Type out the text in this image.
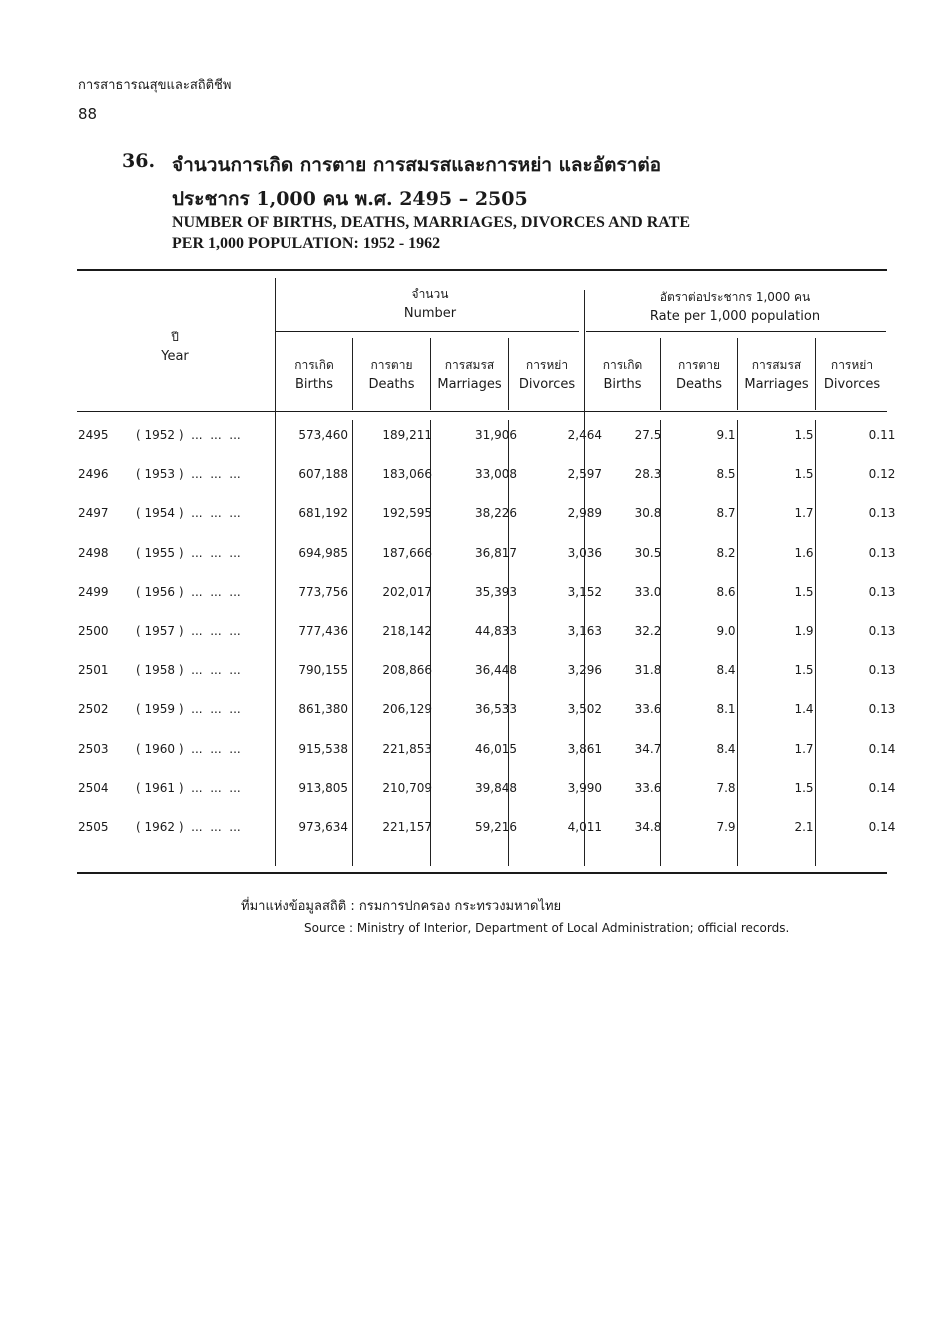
การสาธารณสุขและสถิติชีพ
88
36. จำนวนการเกิด การตาย การสมรสและการหย่า และอัตราต่อ
ประชากร 1,000 คน พ.ศ. 2495 – 2505
NUMBER OF BIRTHS, DEATHS, MARRIAGES, DIVORCES AND RATE
PER 1,000 POPULATION: 1952 - 1962
ปี
Year
จำนวน
Number
อัตราต่อประชากร 1,000 คน
Rate per 1,000 population
การเกิด
Births
การตาย
Deaths
การสมรส
Marriages
การหย่า
Divorces
การเกิด
Births
การตาย
Deaths
การสมรส
Marriages
การหย่า
Divorces
2495	( 1952 )  ...  ...  ...	573,460	189,211	31,906	2,464	27.5	9.1	1.5	0.11
2496	( 1953 )  ...  ...  ...	607,188	183,066	33,008	2,597	28.3	8.5	1.5	0.12
2497	( 1954 )  ...  ...  ...	681,192	192,595	38,226	2,989	30.8	8.7	1.7	0.13
2498	( 1955 )  ...  ...  ...	694,985	187,666	36,817	3,036	30.5	8.2	1.6	0.13
2499	( 1956 )  ...  ...  ...	773,756	202,017	35,393	3,152	33.0	8.6	1.5	0.13
2500	( 1957 )  ...  ...  ...	777,436	218,142	44,833	3,163	32.2	9.0	1.9	0.13
2501	( 1958 )  ...  ...  ...	790,155	208,866	36,448	3,296	31.8	8.4	1.5	0.13
2502	( 1959 )  ...  ...  ...	861,380	206,129	36,533	3,502	33.6	8.1	1.4	0.13
2503	( 1960 )  ...  ...  ...	915,538	221,853	46,015	3,861	34.7	8.4	1.7	0.14
2504	( 1961 )  ...  ...  ...	913,805	210,709	39,848	3,990	33.6	7.8	1.5	0.14
2505	( 1962 )  ...  ...  ...	973,634	221,157	59,216	4,011	34.8	7.9	2.1	0.14
ที่มาแห่งข้อมูลสถิติ : กรมการปกครอง กระทรวงมหาดไทย
Source : Ministry of Interior, Department of Local Administration; official records.
